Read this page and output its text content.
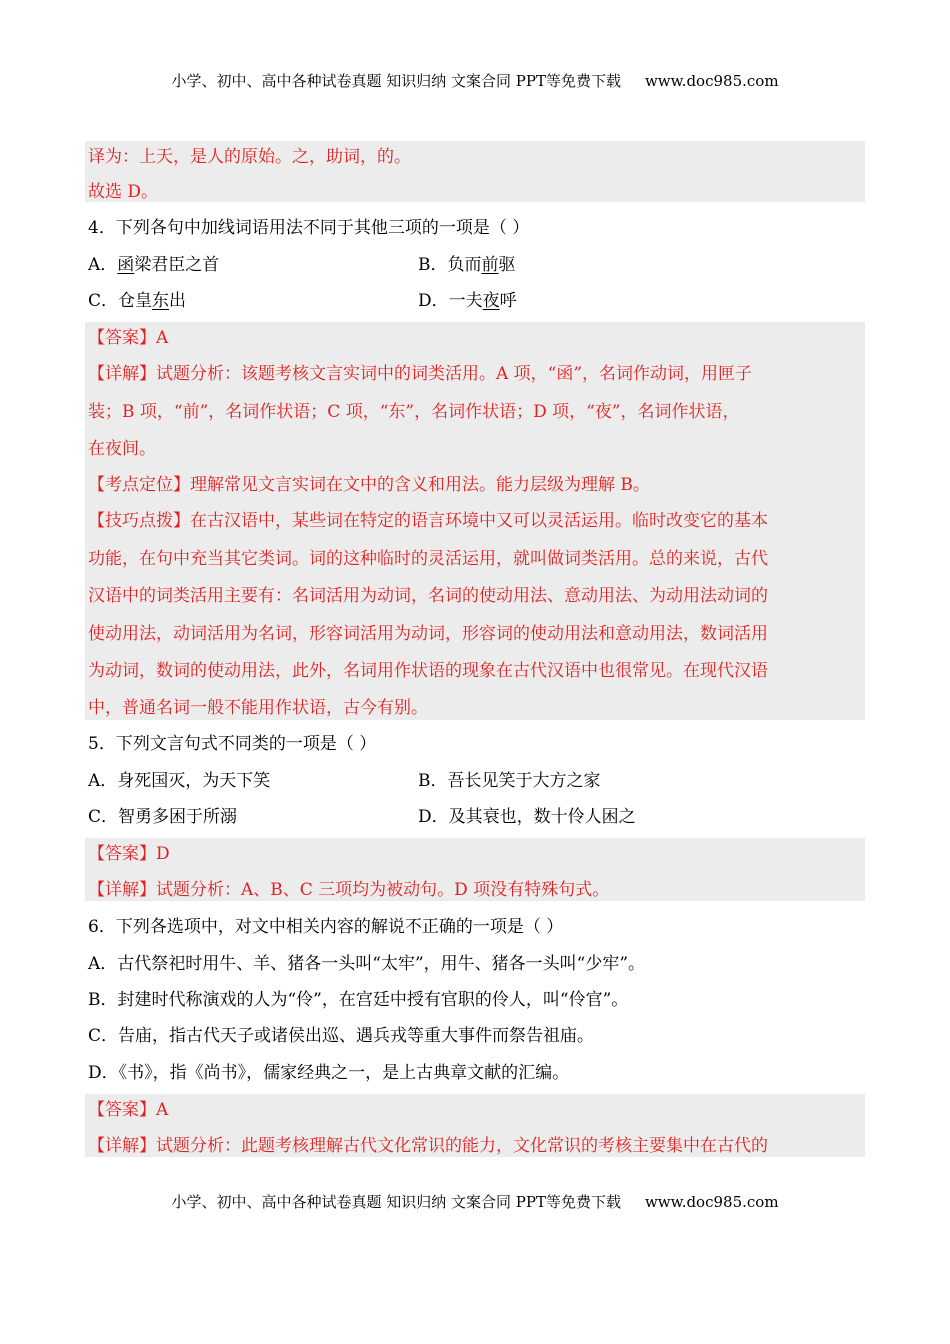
小学、初中、高中各种试卷真题 知识归纳 文案合同 PPT等免费下载 www.doc985.com
译为：上天，是人的原始。之，助词，的。
故选 D。
4．下列各句中加线词语用法不同于其他三项的一项是（ ）
A．函梁君臣之首	B．负而前驱
C．仓皇东出	D．一夫夜呼
【答案】A
【详解】试题分析：该题考核文言实词中的词类活用。A 项，“函”，名词作动词，用匣子
装；B 项，“前”，名词作状语；C 项，“东”，名词作状语；D 项，“夜”，名词作状语，
在夜间。
【考点定位】理解常见文言实词在文中的含义和用法。能力层级为理解 B。
【技巧点拨】在古汉语中，某些词在特定的语言环境中又可以灵活运用。临时改变它的基本
功能，在句中充当其它类词。词的这种临时的灵活运用，就叫做词类活用。总的来说，古代
汉语中的词类活用主要有：名词活用为动词，名词的使动用法、意动用法、为动用法动词的
使动用法，动词活用为名词，形容词活用为动词，形容词的使动用法和意动用法，数词活用
为动词，数词的使动用法，此外，名词用作状语的现象在古代汉语中也很常见。在现代汉语
中，普通名词一般不能用作状语，古今有别。
5．下列文言句式不同类的一项是（ ）
A．身死国灭，为天下笑	B．吾长见笑于大方之家
C．智勇多困于所溺	D．及其衰也，数十伶人困之
【答案】D
【详解】试题分析：A、B、C 三项均为被动句。D 项没有特殊句式。
6．下列各选项中，对文中相关内容的解说不正确的一项是（ ）
A．古代祭祀时用牛、羊、猪各一头叫“太牢”，用牛、猪各一头叫“少牢”。
B．封建时代称演戏的人为“伶”，在宫廷中授有官职的伶人，叫“伶官”。
C．告庙，指古代天子或诸侯出巡、遇兵戎等重大事件而祭告祖庙。
D．《书》，指《尚书》，儒家经典之一，是上古典章文献的汇编。
【答案】A
【详解】试题分析：此题考核理解古代文化常识的能力，文化常识的考核主要集中在古代的
小学、初中、高中各种试卷真题 知识归纳 文案合同 PPT等免费下载 www.doc985.com
